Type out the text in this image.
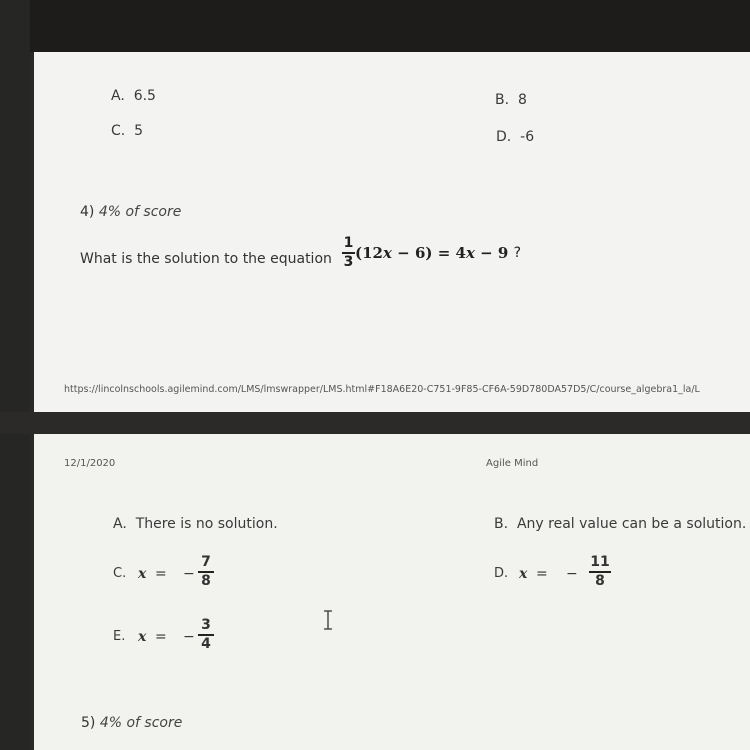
A. 6.5	B. 8
C. 5	D. -6
4) 4% of score
What is the solution to the equation $\frac{1}{3} (12x - 6) = 4x - 9$ ?
https://lincolnschools.agilemind.com/LMS/lmswrapper/LMS.html#F18A6E20-C751-9F85-CF6A-59D780DA57D5/C/course_algebra1_la/L
12/1/2020	Agile Mind
A. There is no solution.	B. Any real value can be a solution.
C. x = −
7
8	D. x = −
11
8
E. x = −
3
4
5) 4% of score
